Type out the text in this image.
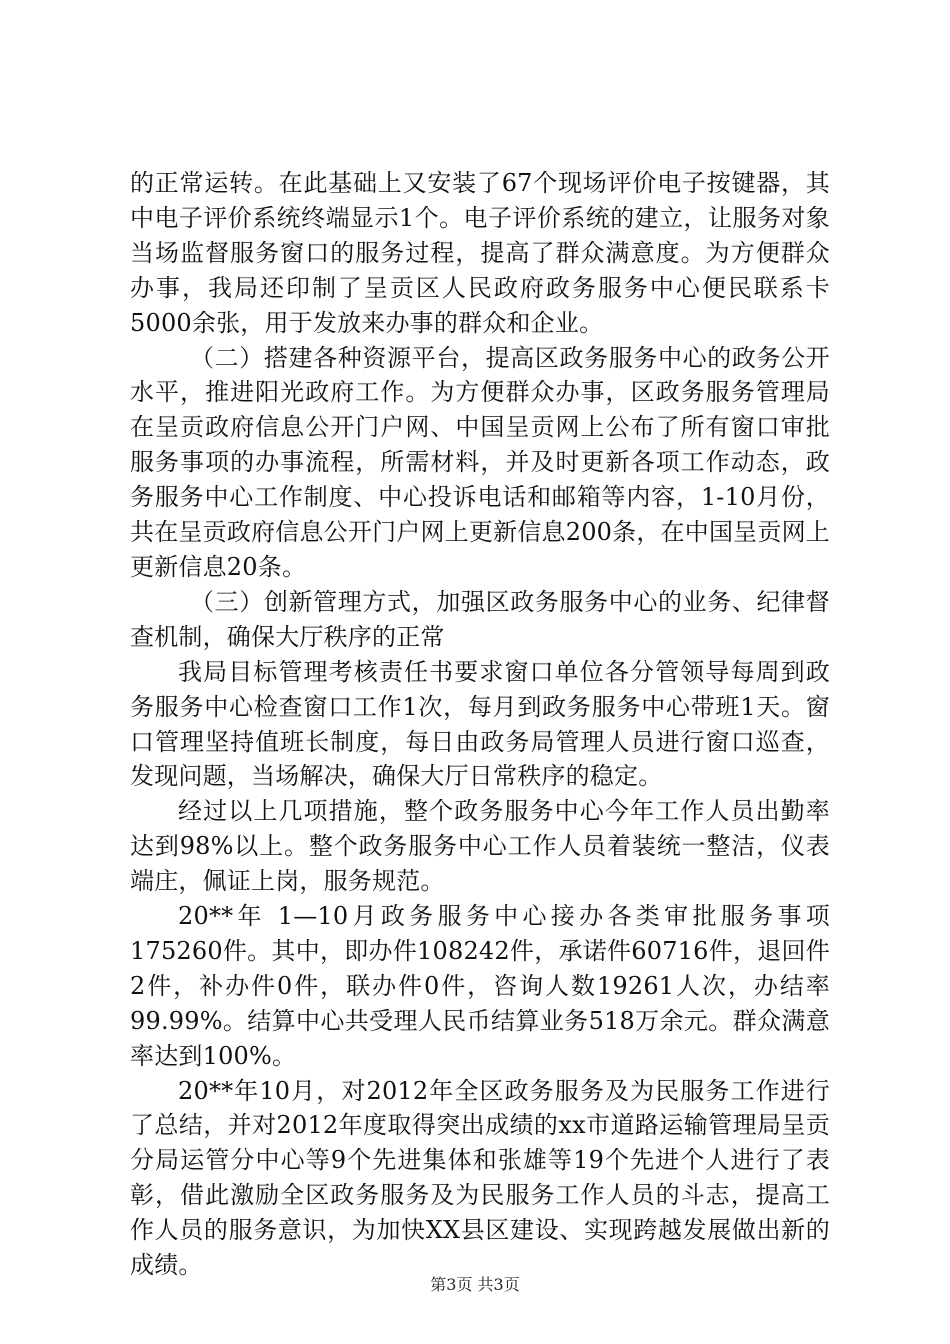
的正常运转。在此基础上又安装了67个现场评价电子按键器，其中电子评价系统终端显示1个。电子评价系统的建立，让服务对象当场监督服务窗口的服务过程，提高了群众满意度。为方便群众办事，我局还印制了呈贡区人民政府政务服务中心便民联系卡5000余张，用于发放来办事的群众和企业。

（二）搭建各种资源平台，提高区政务服务中心的政务公开水平，推进阳光政府工作。为方便群众办事，区政务服务管理局在呈贡政府信息公开门户网、中国呈贡网上公布了所有窗口审批服务事项的办事流程，所需材料，并及时更新各项工作动态，政务服务中心工作制度、中心投诉电话和邮箱等内容，1-10月份，共在呈贡政府信息公开门户网上更新信息200条，在中国呈贡网上更新信息20条。

（三）创新管理方式，加强区政务服务中心的业务、纪律督查机制，确保大厅秩序的正常

我局目标管理考核责任书要求窗口单位各分管领导每周到政务服务中心检查窗口工作1次，每月到政务服务中心带班1天。窗口管理坚持值班长制度，每日由政务局管理人员进行窗口巡查，发现问题，当场解决，确保大厅日常秩序的稳定。

经过以上几项措施，整个政务服务中心今年工作人员出勤率达到98%以上。整个政务服务中心工作人员着装统一整洁，仪表端庄，佩证上岗，服务规范。

20**年 1—10月政务服务中心接办各类审批服务事项175260件。其中，即办件108242件，承诺件60716件，退回件2件，补办件0件，联办件0件，咨询人数19261人次，办结率99.99%。结算中心共受理人民币结算业务518万余元。群众满意率达到100%。

20**年10月，对2012年全区政务服务及为民服务工作进行了总结，并对2012年度取得突出成绩的xx市道路运输管理局呈贡分局运管分中心等9个先进集体和张雄等19个先进个人进行了表彰，借此激励全区政务服务及为民服务工作人员的斗志，提高工作人员的服务意识，为加快XX县区建设、实现跨越发展做出新的成绩。

第3页 共3页
